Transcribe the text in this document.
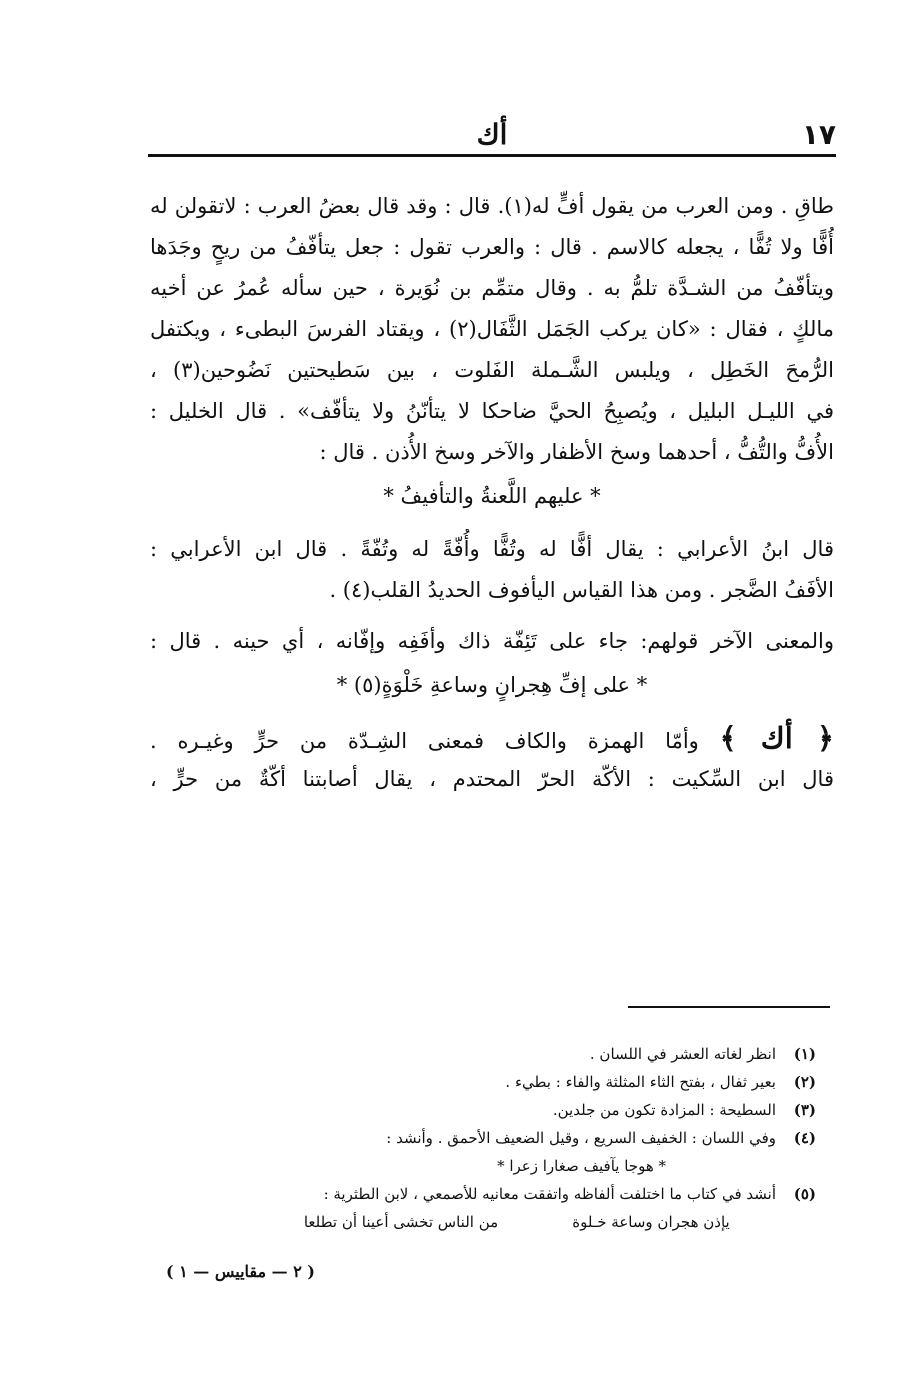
١٧
أك
طاقِ . ومن العرب من يقول أفٍّ له(١). قال : وقد قال بعضُ العرب : لاتقولن له
أُفًّا ولا تُفًّا ، يجعله كالاسم . قال : والعرب تقول : جعل يتأفّفُ من ريحٍ وجَدَها
ويتأفّفُ من الشـدَّة تلمُّ به . وقال متمِّم بن نُوَيرة ، حين سأله عُمرُ عن أخيه
مالكٍ ، فقال : «كان يركب الجَمَل الثَّفَال(٢) ، ويقتاد الفرسَ البطىء ، ويكتفل
الرُّمحَ الخَطِل ، ويلبس الشَّـملة الفَلوت ، بين سَطيحتين نَضُوحين(٣) ،
في الليـل البليل ، ويُصبِحُ الحيَّ ضاحكا لا يتأنّنُ ولا يتأفّف» . قال الخليل :
الأُفُّ والتُّفُّ ، أحدهما وسخ الأظفار والآخر وسخ الأُذن . قال :
* عليهم اللَّعنةُ والتأفيفُ *
قال ابنُ الأعرابي : يقال أفًّا له وتُفًّا وأُفّةً له وتُفّةً . قال ابن الأعرابي :
الأفَفُ الضَّجر . ومن هذا القياس اليأفوف الحديدُ القلب(٤) .
والمعنى الآخر قولهم: جاء على تَئِفّة ذاك وأفَفِه وإفّانه ، أي حينه . قال :
* على إفِّ هِجرانٍ وساعةِ خَلْوَةٍ(٥) *
﴿ أك ﴾ وأمّا الهمزة والكاف فمعنى الشِـدّة من حرٍّ وغيـره .
قال ابن السِّكيت : الأكّة الحرّ المحتدم ، يقال أصابتنا أكّةٌ من حرٍّ ،
(١)انظر لغاته العشر في اللسان .
(٢)بعير ثفال ، بفتح الثاء المثلثة والفاء : بطيء .
(٣)السطيحة : المزادة تكون من جلدين.
(٤)وفي اللسان : الخفيف السريع ، وقيل الضعيف الأحمق . وأنشد :
* هوجا يآفيف صغارا زعرا *
(٥)أنشد في كتاب ما اختلفت ألفاظه واتفقت معانيه للأصمعي ، لابن الطثرية :
يإذن هجران وساعة خـلوةمن الناس تخشى أعينا أن تطلعا
( ٢ — مقاييس — ١ )
